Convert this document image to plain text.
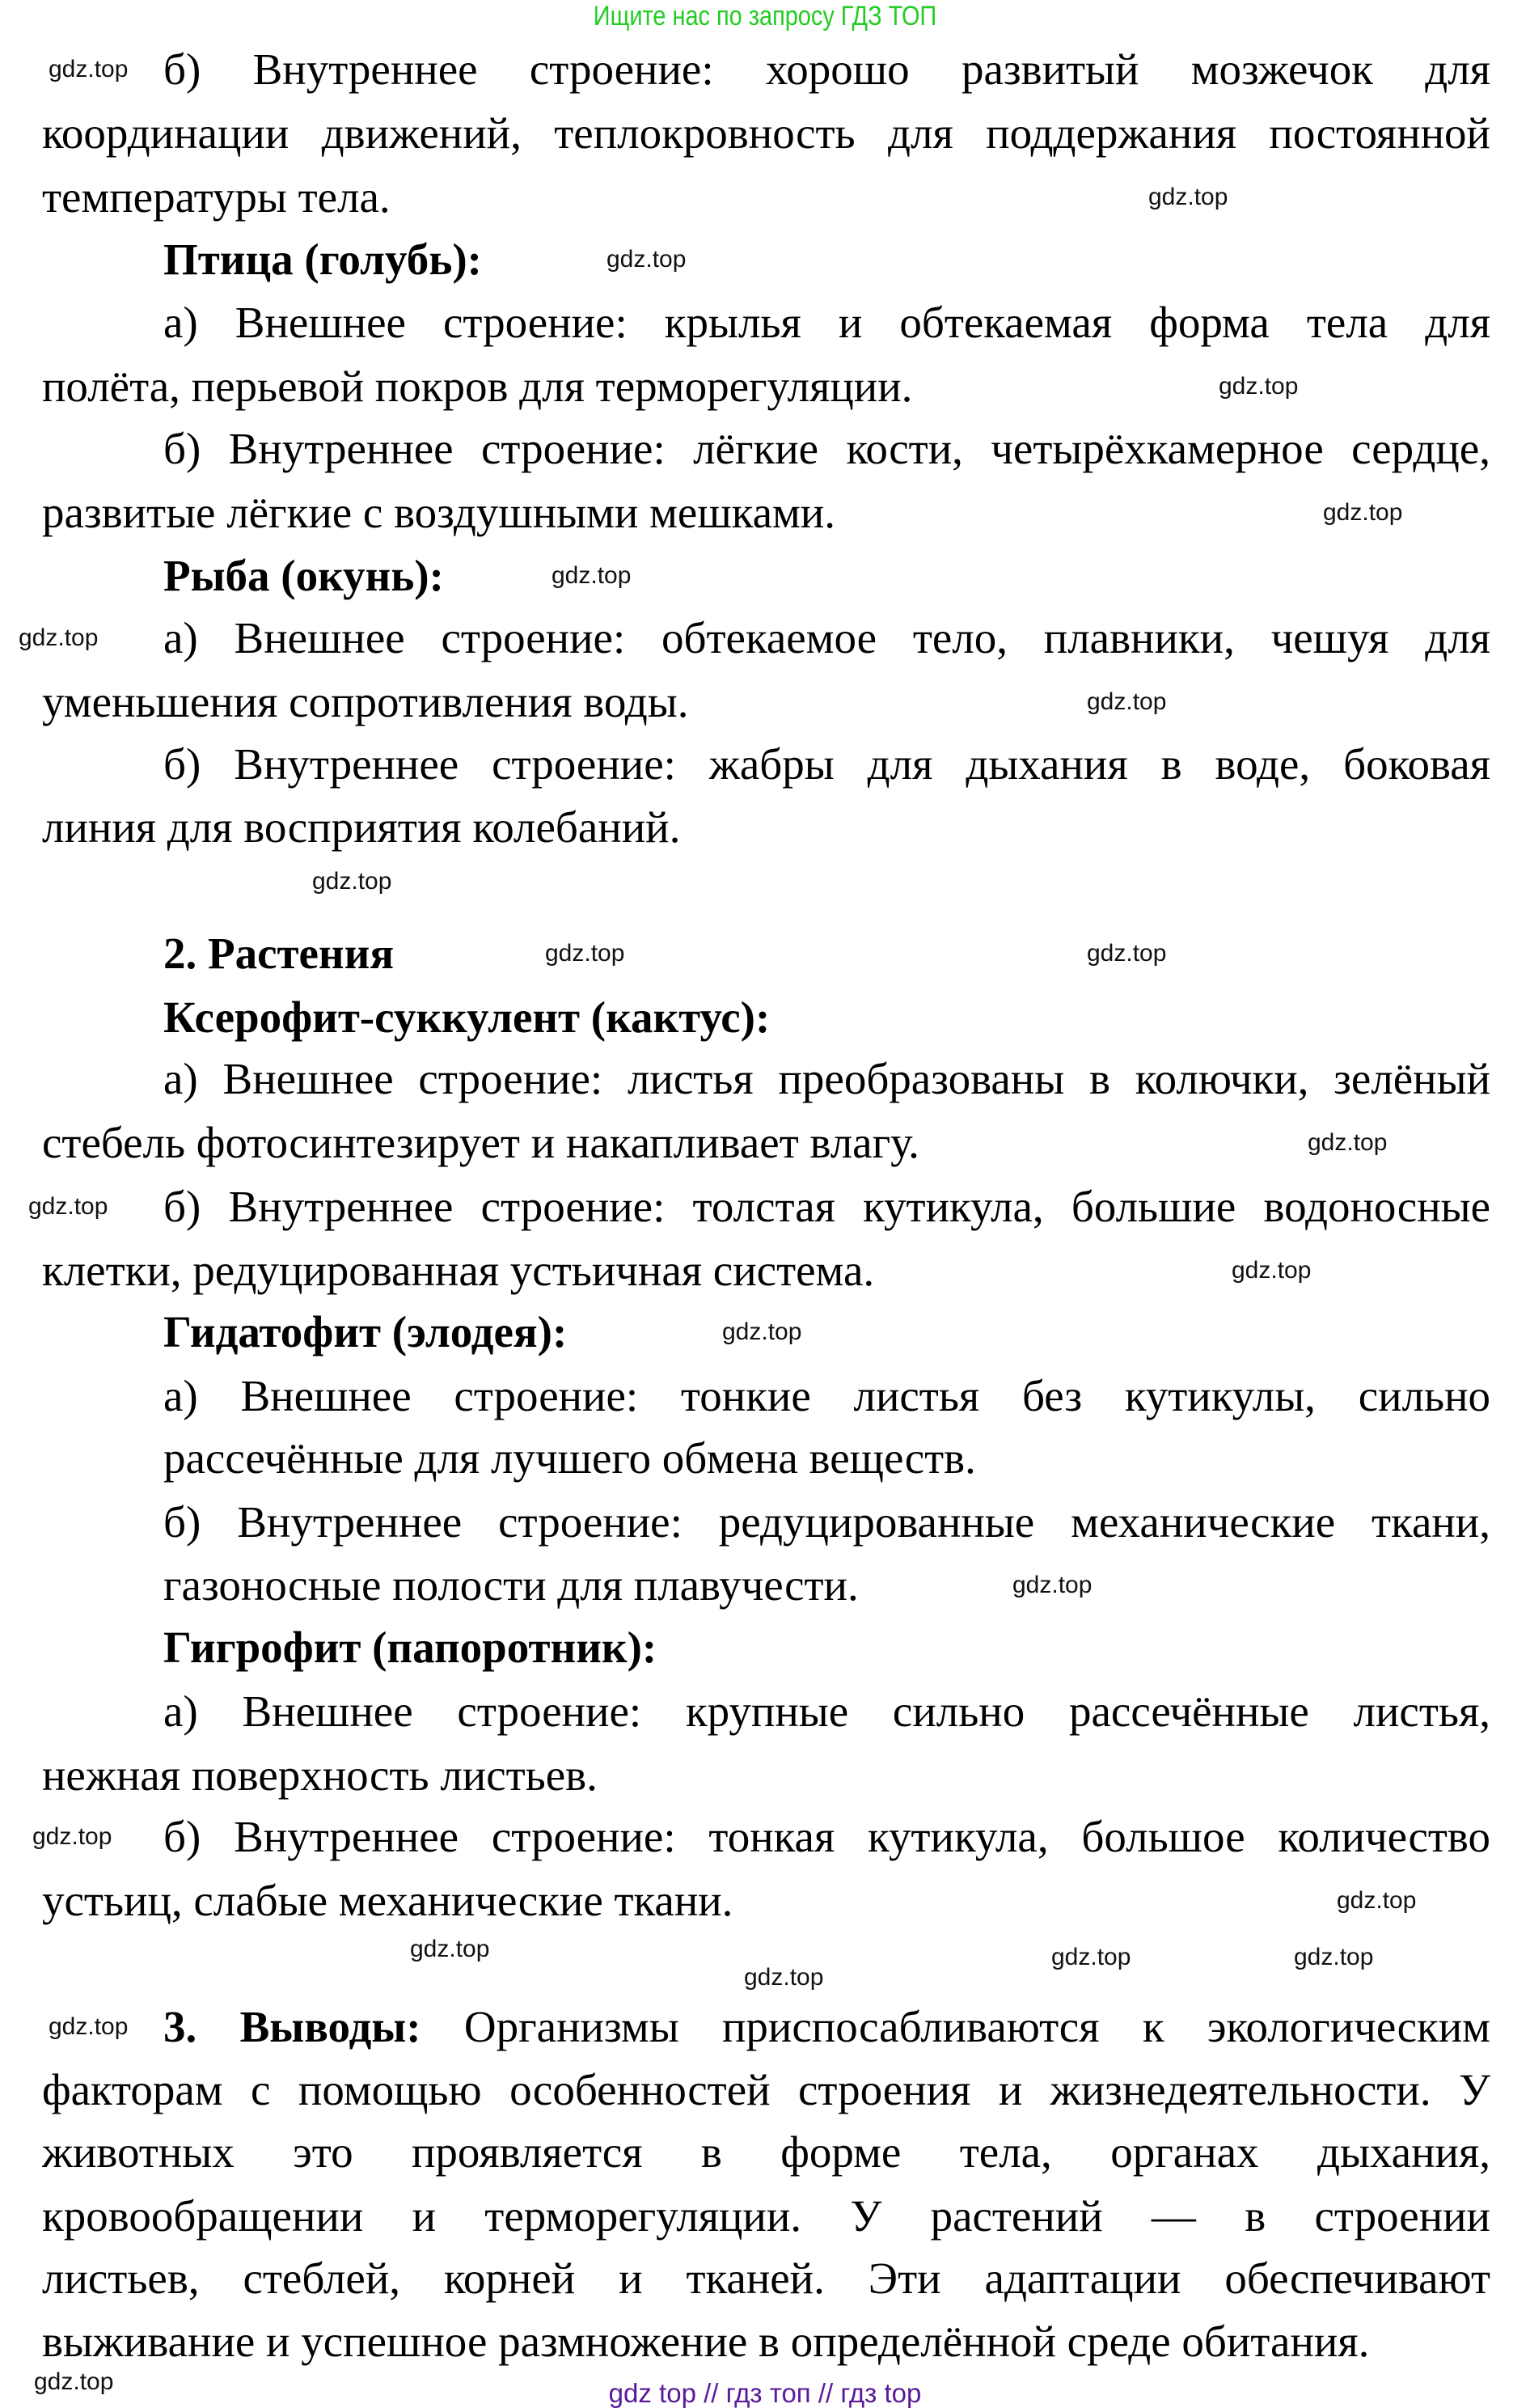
Ищите нас по запросу ГДЗ ТОП
б) Внутреннее строение: хорошо развитый мозжечок для
координации движений, теплокровность для поддержания постоянной
температуры тела.
Птица (голубь):
а) Внешнее строение: крылья и обтекаемая форма тела для
полёта, перьевой покров для терморегуляции.
б) Внутреннее строение: лёгкие кости, четырёхкамерное сердце,
развитые лёгкие с воздушными мешками.
Рыба (окунь):
а) Внешнее строение: обтекаемое тело, плавники, чешуя для
уменьшения сопротивления воды.
б) Внутреннее строение: жабры для дыхания в воде, боковая
линия для восприятия колебаний.
2. Растения
Ксерофит-суккулент (кактус):
а) Внешнее строение: листья преобразованы в колючки, зелёный
стебель фотосинтезирует и накапливает влагу.
б) Внутреннее строение: толстая кутикула, большие водоносные
клетки, редуцированная устьичная система.
Гидатофит (элодея):
а) Внешнее строение: тонкие листья без кутикулы, сильно
рассечённые для лучшего обмена веществ.
б) Внутреннее строение: редуцированные механические ткани,
газоносные полости для плавучести.
Гигрофит (папоротник):
а) Внешнее строение: крупные сильно рассечённые листья,
нежная поверхность листьев.
б) Внутреннее строение: тонкая кутикула, большое количество
устьиц, слабые механические ткани.
3. Выводы: Организмы приспосабливаются к экологическим
факторам с помощью особенностей строения и жизнедеятельности. У
животных это проявляется в форме тела, органах дыхания,
кровообращении и терморегуляции. У растений — в строении
листьев, стеблей, корней и тканей. Эти адаптации обеспечивают
выживание и успешное размножение в определённой среде обитания.
gdz.top
gdz.top
gdz.top
gdz.top
gdz.top
gdz.top
gdz.top
gdz.top
gdz.top
gdz.top
gdz.top
gdz.top
gdz.top
gdz.top
gdz.top
gdz.top
gdz.top
gdz.top
gdz.top
gdz.top
gdz.top
gdz.top	gdz.top
gdz.top	gdz top // гдз топ // гдз top
